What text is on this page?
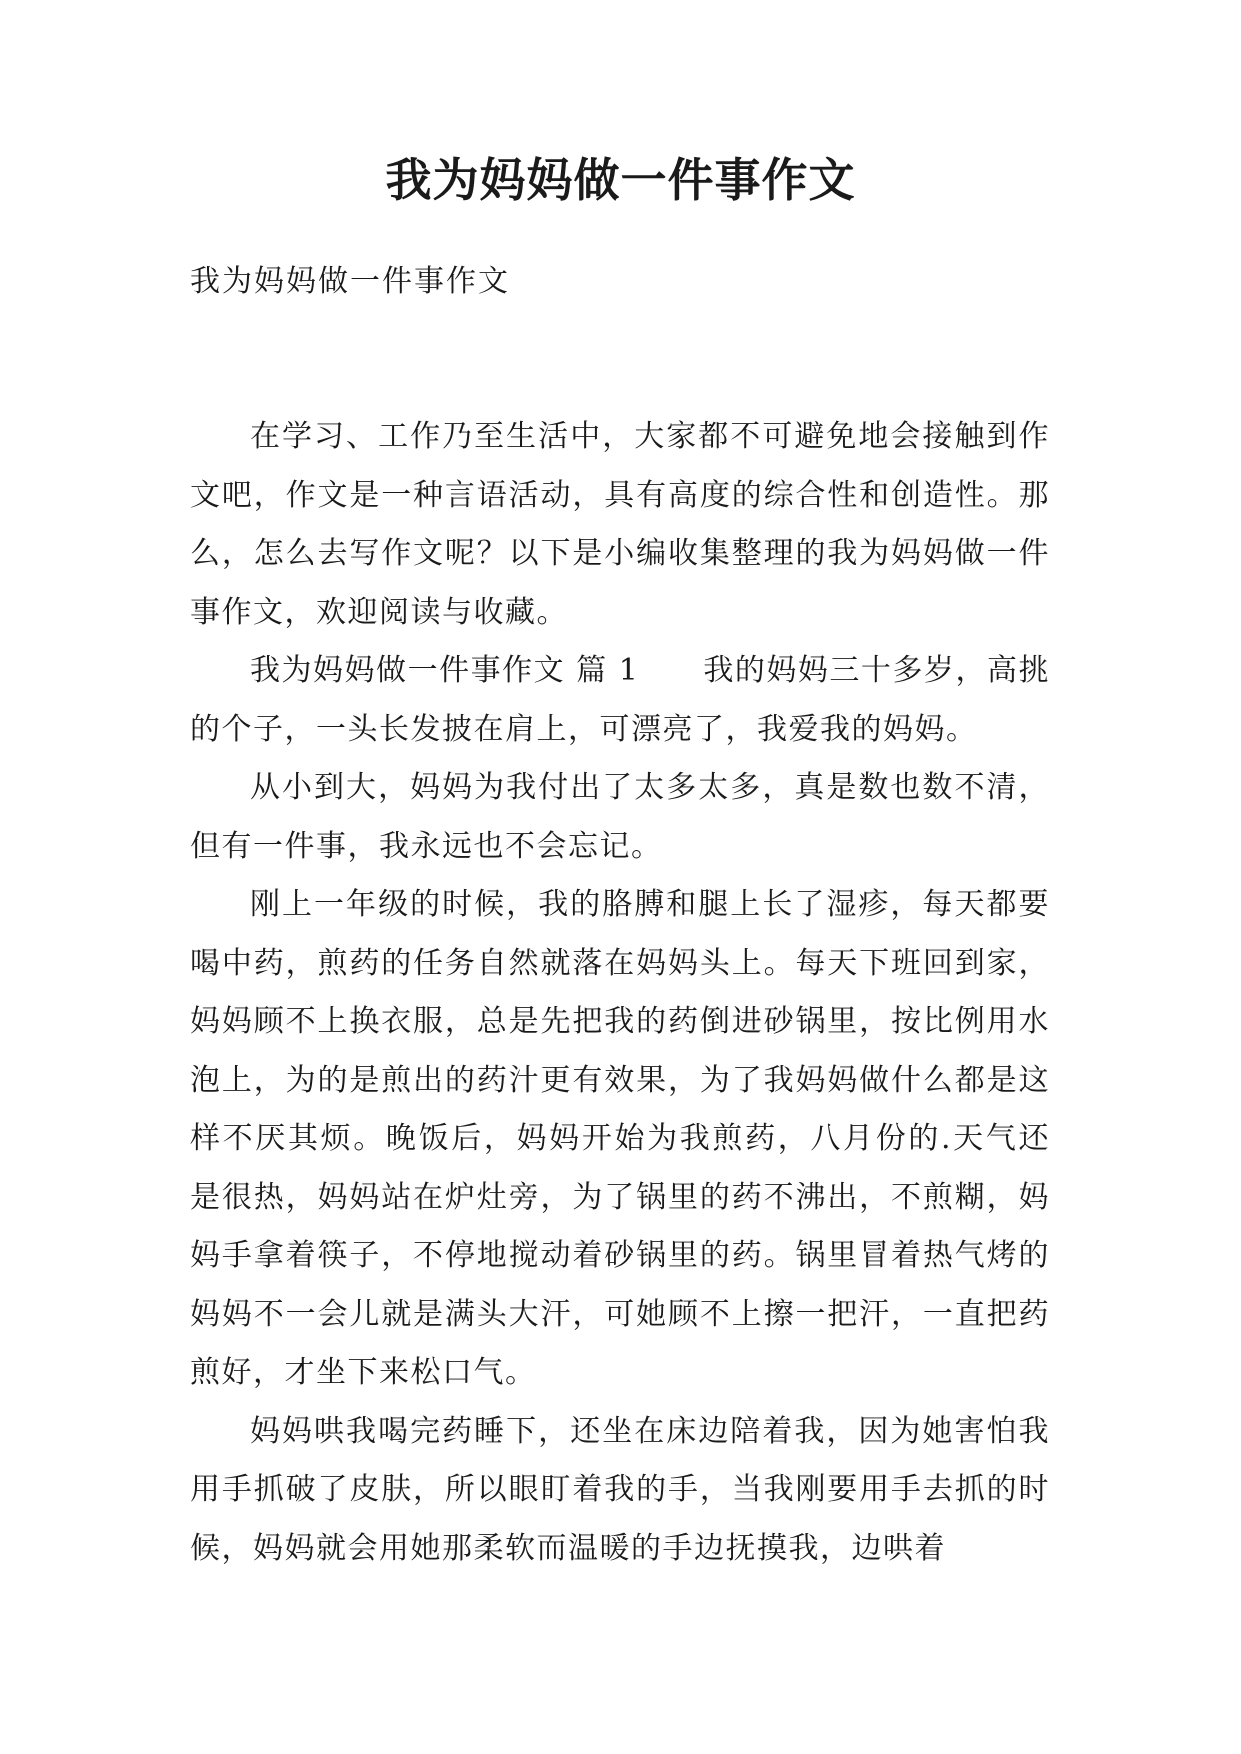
我为妈妈做一件事作文

我为妈妈做一件事作文

在学习、工作乃至生活中，大家都不可避免地会接触到作文吧，作文是一种言语活动，具有高度的综合性和创造性。那么，怎么去写作文呢？以下是小编收集整理的我为妈妈做一件事作文，欢迎阅读与收藏。

我为妈妈做一件事作文 篇 1 我的妈妈三十多岁，高挑的个子，一头长发披在肩上，可漂亮了，我爱我的妈妈。

从小到大，妈妈为我付出了太多太多，真是数也数不清，但有一件事，我永远也不会忘记。

刚上一年级的时候，我的胳膊和腿上长了湿疹，每天都要喝中药，煎药的任务自然就落在妈妈头上。每天下班回到家，妈妈顾不上换衣服，总是先把我的药倒进砂锅里，按比例用水泡上，为的是煎出的药汁更有效果，为了我妈妈做什么都是这样不厌其烦。晚饭后，妈妈开始为我煎药，八月份的.天气还是很热，妈妈站在炉灶旁，为了锅里的药不沸出，不煎糊，妈妈手拿着筷子，不停地搅动着砂锅里的药。锅里冒着热气烤的妈妈不一会儿就是满头大汗，可她顾不上擦一把汗，一直把药煎好，才坐下来松口气。

妈妈哄我喝完药睡下，还坐在床边陪着我，因为她害怕我用手抓破了皮肤，所以眼盯着我的手，当我刚要用手去抓的时候，妈妈就会用她那柔软而温暖的手边抚摸我，边哄着
